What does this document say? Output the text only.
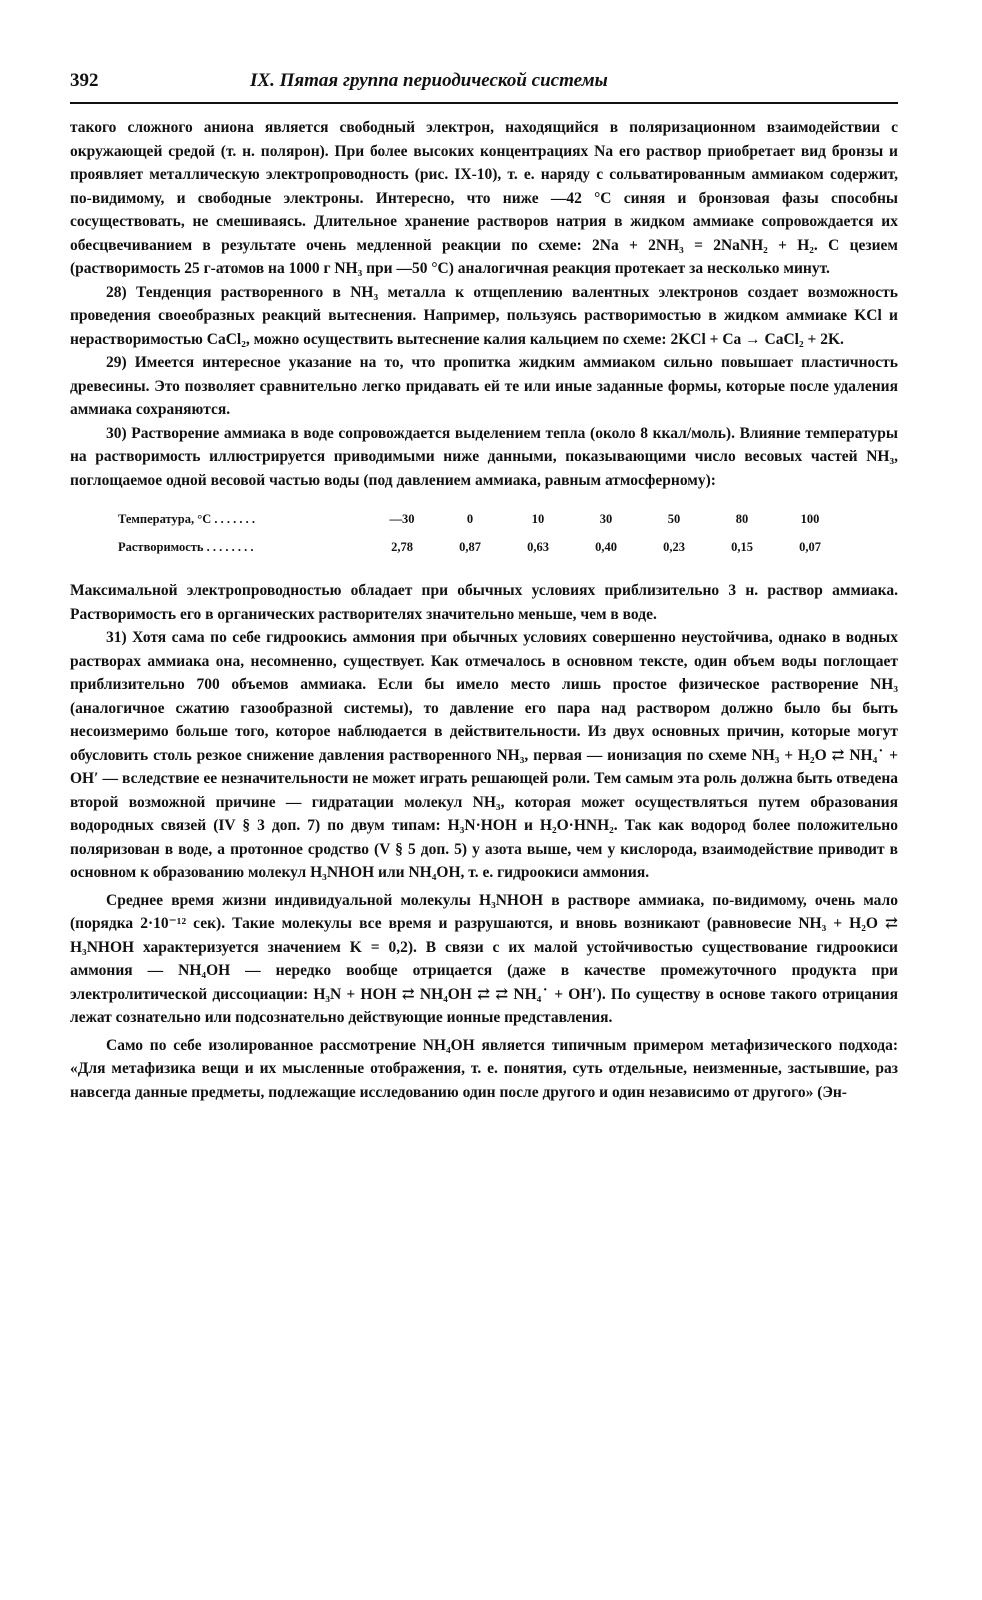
392	IX. Пятая группа периодической системы

такого сложного аниона является свободный электрон, находящийся в поляризационном взаимодействии с окружающей средой (т. н. поляpон). При более высоких концентрациях Na его раствор приобретает вид бронзы и проявляет металлическую электропроводность (рис. IX-10), т. е. наряду с сольватированным аммиаком содержит, по-видимому, и свободные электроны. Интересно, что ниже —42 °С синяя и бронзовая фазы способны сосуществовать, не смешиваясь. Длительное хранение растворов натрия в жидком аммиаке сопровождается их обесцвечиванием в результате очень медленной реакции по схеме: 2Na + 2NH₃ = 2NaNH₂ + H₂. С цезием (растворимость 25 г-атомов на 1000 г NH₃ при —50 °С) аналогичная реакция протекает за несколько минут.

28) Тенденция растворенного в NH₃ металла к отщеплению валентных электронов создает возможность проведения своеобразных реакций вытеснения. Например, пользуясь растворимостью в жидком аммиаке KCl и нерастворимостью CaCl₂, можно осуществить вытеснение калия кальцием по схеме: 2KCl + Ca → CaCl₂ + 2K.

29) Имеется интересное указание на то, что пропитка жидким аммиаком сильно повышает пластичность древесины. Это позволяет сравнительно легко придавать ей те или иные заданные формы, которые после удаления аммиака сохраняются.

30) Растворение аммиака в воде сопровождается выделением тепла (около 8 ккал/моль). Влияние температуры на растворимость иллюстрируется приводимыми ниже данными, показывающими число весовых частей NH₃, поглощаемое одной весовой частью воды (под давлением аммиака, равным атмосферному):

Температура, °С . . . . . . .	—30	0	10	30	50	80	100
Растворимость . . . . . . . .	2,78	0,87	0,63	0,40	0,23	0,15	0,07

Максимальной электропроводностью обладает при обычных условиях приблизительно 3 н. раствор аммиака. Растворимость его в органических растворителях значительно меньше, чем в воде.

31) Хотя сама по себе гидроокись аммония при обычных условиях совершенно неустойчива, однако в водных растворах аммиака она, несомненно, существует. Как отмечалось в основном тексте, один объем воды поглощает приблизительно 700 объемов аммиака. Если бы имело место лишь простое физическое растворение NH₃ (аналогичное сжатию газообразной системы), то давление его пара над раствором должно было бы быть несоизмеримо больше того, которое наблюдается в действительности. Из двух основных причин, которые могут обусловить столь резкое снижение давления растворенного NH₃, первая — ионизация по схеме NH₃ + H₂O ⇄ NH₄˙ + OH′ — вследствие ее незначительности не может играть решающей роли. Тем самым эта роль должна быть отведена второй возможной причине — гидратации молекул NH₃, которая может осуществляться путем образования водородных связей (IV § 3 доп. 7) по двум типам: H₃N·HOH и H₂O·HNH₂. Так как водород более положительно поляризован в воде, а протонное сродство (V § 5 доп. 5) у азота выше, чем у кислорода, взаимодействие приводит в основном к образованию молекул H₃NHOH или NH₄OH, т. е. гидроокиси аммония.

Среднее время жизни индивидуальной молекулы H₃NHOH в растворе аммиака, по-видимому, очень мало (порядка 2·10⁻¹² сек). Такие молекулы все время и разрушаются, и вновь возникают (равновесие NH₃ + H₂O ⇄ H₃NHOH характеризуется значением K = 0,2). В связи с их малой устойчивостью существование гидроокиси аммония — NH₄OH — нередко вообще отрицается (даже в качестве промежуточного продукта при электролитической диссоциации: H₃N + HOH ⇄ NH₄OH ⇄ ⇄ NH₄˙ + OH′). По существу в основе такого отрицания лежат сознательно или подсознательно действующие ионные представления.

Само по себе изолированное рассмотрение NH₄OH является типичным примером метафизического подхода: «Для метафизика вещи и их мысленные отображения, т. е. понятия, суть отдельные, неизменные, застывшие, раз навсегда данные предметы, подлежащие исследованию один после другого и один независимо от другого» (Эн-
